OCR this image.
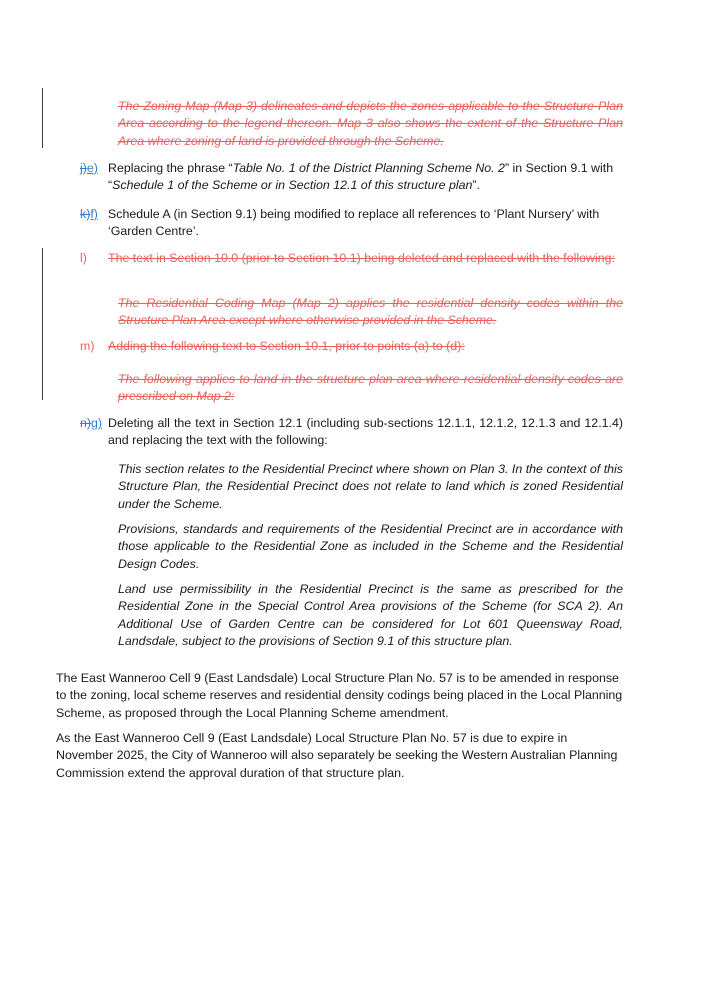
The Zoning Map (Map 3) delineates and depicts the zones applicable to the Structure Plan Area according to the legend thereon. Map 3 also shows the extent of the Structure Plan Area where zoning of land is provided through the Scheme.
j)e) Replacing the phrase “Table No. 1 of the District Planning Scheme No. 2” in Section 9.1 with “Schedule 1 of the Scheme or in Section 12.1 of this structure plan”.
k)f) Schedule A (in Section 9.1) being modified to replace all references to ‘Plant Nursery’ with ‘Garden Centre’.
l)	The text in Section 10.0 (prior to Section 10.1) being deleted and replaced with the following:
The Residential Coding Map (Map 2) applies the residential density codes within the Structure Plan Area except where otherwise provided in the Scheme.
m)	Adding the following text to Section 10.1, prior to points (a) to (d):
The following applies to land in the structure plan area where residential density codes are prescribed on Map 2:
n)g) Deleting all the text in Section 12.1 (including sub-sections 12.1.1, 12.1.2, 12.1.3 and 12.1.4) and replacing the text with the following:
This section relates to the Residential Precinct where shown on Plan 3. In the context of this Structure Plan, the Residential Precinct does not relate to land which is zoned Residential under the Scheme.
Provisions, standards and requirements of the Residential Precinct are in accordance with those applicable to the Residential Zone as included in the Scheme and the Residential Design Codes.
Land use permissibility in the Residential Precinct is the same as prescribed for the Residential Zone in the Special Control Area provisions of the Scheme (for SCA 2). An Additional Use of Garden Centre can be considered for Lot 601 Queensway Road, Landsdale, subject to the provisions of Section 9.1 of this structure plan.
The East Wanneroo Cell 9 (East Landsdale) Local Structure Plan No. 57 is to be amended in response to the zoning, local scheme reserves and residential density codings being placed in the Local Planning Scheme, as proposed through the Local Planning Scheme amendment.
As the East Wanneroo Cell 9 (East Landsdale) Local Structure Plan No. 57 is due to expire in November 2025, the City of Wanneroo will also separately be seeking the Western Australian Planning Commission extend the approval duration of that structure plan.
